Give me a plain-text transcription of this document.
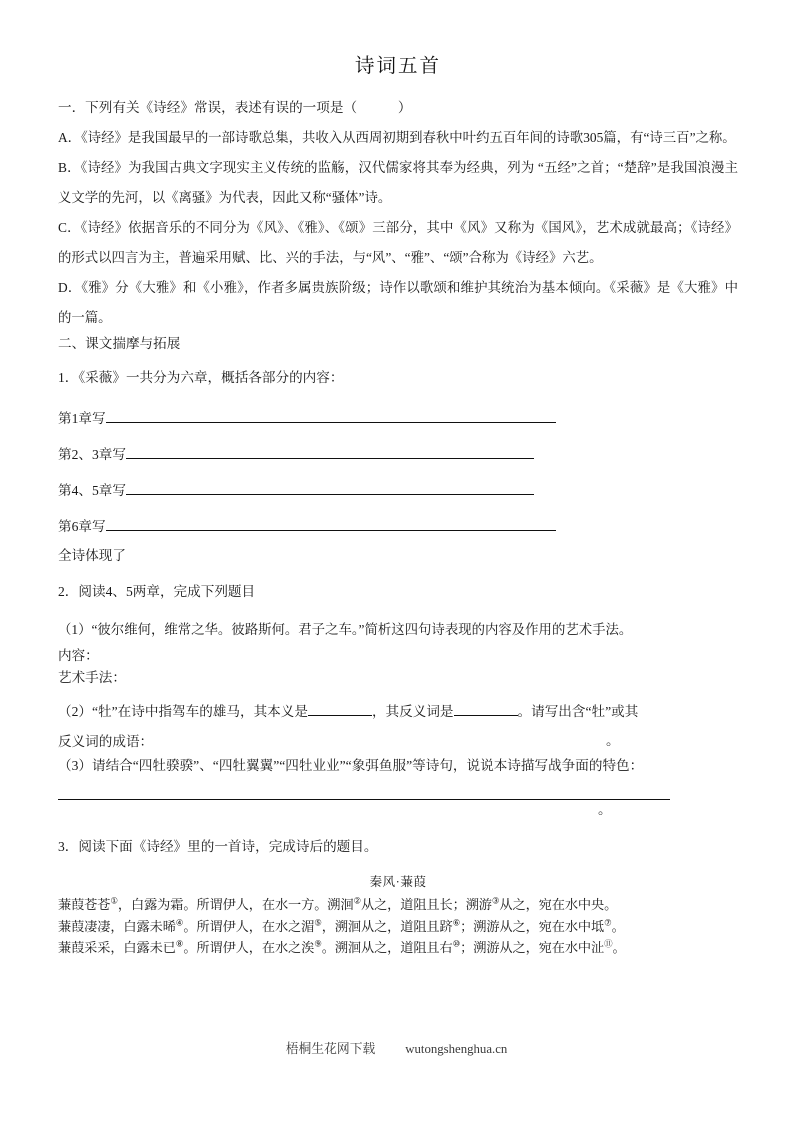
诗词五首

一．下列有关《诗经》常误，表述有误的一项是（　　　）

A．《诗经》是我国最早的一部诗歌总集，共收入从西周初期到春秋中叶约五百年间的诗歌305篇，有“诗三百”之称。

B．《诗经》为我国古典文字现实主义传统的监觞，汉代儒家将其奉为经典，列为 “五经”之首；“楚辞”是我国浪漫主义文学的先河，以《离骚》为代表，因此又称“骚体”诗。

C．《诗经》依据音乐的不同分为《风》、《雅》、《颂》三部分，其中《风》又称为《国风》，艺术成就最高；《诗经》的形式以四言为主，普遍采用赋、比、兴的手法，与“风”、“雅”、“颂”合称为《诗经》六艺。

D．《雅》分《大雅》和《小雅》，作者多属贵族阶级；诗作以歌颂和维护其统治为基本倾向。《采薇》是《大雅》中的一篇。

二、课文揣摩与拓展

1．《采薇》一共分为六章，概括各部分的内容：

第1章写

第2、3章写

第4、5章写

第6章写

全诗体现了

2．阅读4、5两章，完成下列题目

（1）“彼尔维何，维常之华。彼路斯何。君子之车。”简析这四句诗表现的内容及作用的艺术手法。

内容：

艺术手法：

（2）“牡”在诗中指驾车的雄马，其本义是	，其反义词是	。请写出含“牡”或其

反义词的成语：	。

（3）请结合“四牡骙骙”、“四牡翼翼”“四牡业业”“象弭鱼服”等诗句，说说本诗描写战争面的特色：

。

3．阅读下面《诗经》里的一首诗，完成诗后的题目。

秦风·蒹葭

蒹葭苍苍①，白露为霜。所谓伊人，在水一方。溯洄②从之，道阻且长；溯游③从之，宛在水中央。

蒹葭凄凄，白露未晞④。所谓伊人，在水之湄⑤，溯洄从之，道阻且跻⑥；溯游从之，宛在水中坻⑦。

蒹葭采采，白露未已⑧。所谓伊人，在水之涘⑨。溯洄从之，道阻且右⑩；溯游从之，宛在水中沚⑪。

梧桐生花网下载 wutongshenghua.cn
